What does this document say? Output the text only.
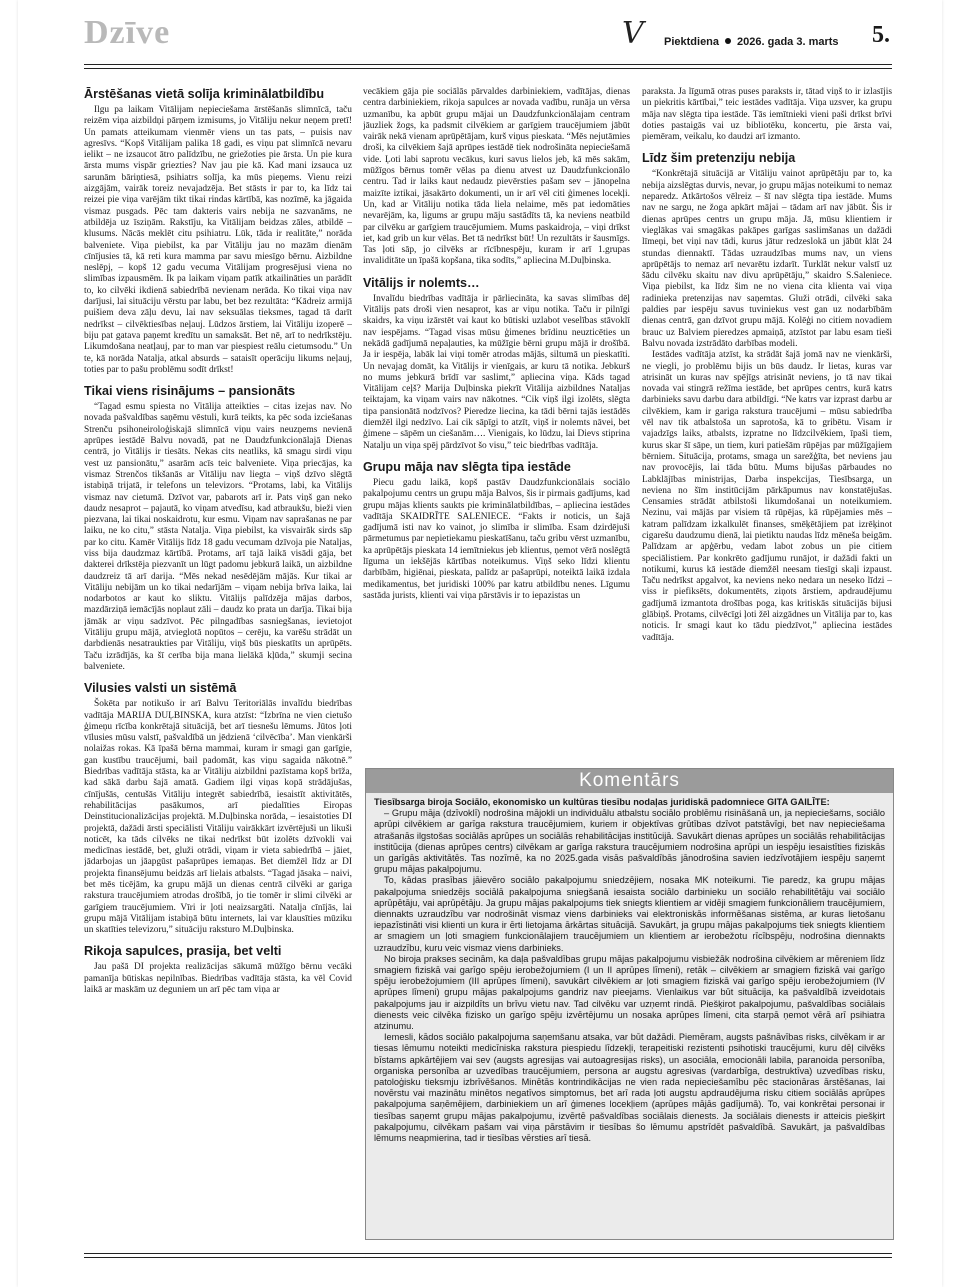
Dzīve	V Piektdiena 2026. gada 3. marts 5.
Ārstēšanas vietā solīja kriminālatbildību

Ilgu pa laikam Vitālijam nepieciešama ārstēšanās slimnīcā, taču reizēm viņa aizbildņi pārņem izmisums, jo Vitāliju nekur neņem pretī! Un pamats atteikumam vienmēr viens un tas pats, – puisis nav agresīvs. “Kopš Vitālijam palika 18 gadi, es viņu pat slimnīcā nevaru ielikt – ne izsaucot ātro palīdzību, ne griežoties pie ārsta. Un pie kura ārsta mums vispār griezties? Nav jau pie kā. Kad mani izsauca uz sarunām bāriņtiesā, psihiatrs solīja, ka mūs pieņems. Vienu reizi aizgājām, vairāk toreiz nevajadzēja. Bet stāsts ir par to, ka līdz tai reizei pie viņa varējām tikt tikai rindas kārtībā, kas nozīmē, ka jāgaida vismaz pusgads. Pēc tam dakteris vairs nebija ne sazvanāms, ne atbildēja uz īsziņām. Rakstīju, ka Vitālijam beidzas zāles, atbildē – klusums. Nācās meklēt citu psihiatru. Lūk, tāda ir realitāte,” norāda balveniete. Viņa piebilst, ka par Vitāliju jau no mazām dienām cīnījusies tā, kā reti kura mamma par savu miesīgo bērnu. Aizbildne neslēpj, – kopš 12 gadu vecuma Vitālijam progresējusi viena no slimības izpausmēm. Ik pa laikam viņam patīk atkailināties un parādīt to, ko cilvēki ikdienā sabiedrībā nevienam nerāda. Ko tikai viņa nav darījusi, lai situāciju vērstu par labu, bet bez rezultāta: “Kādreiz armijā puišiem deva zāļu devu, lai nav seksuālas tieksmes, tagad tā darīt nedrīkst – cilvēktiesības neļauj. Lūdzos ārstiem, lai Vitāliju izoperē – biju pat gatava paņemt kredītu un samaksāt. Bet nē, arī to nedrīkstēju. Likumdošana neatļauj, par to man var piespiest reālu cietumsodu.” Un te, kā norāda Natalja, atkal absurds – sataisīt operāciju likums neļauj, toties par to pašu problēmu sodīt drīkst!

Tikai viens risinājums – pansionāts

“Tagad esmu spiesta no Vitālija atteikties – citas izejas nav. No novada pašvaldības saņēmu vēstuli, kurā teikts, ka pēc soda izciešanas Strenču psihoneiroloģiskajā slimnīcā viņu vairs neuzņems nevienā aprūpes iestādē Balvu novadā, pat ne Daudzfunkcionālajā Dienas centrā, jo Vitālijs ir tiesāts. Nekas cits neatliks, kā smagu sirdi viņu vest uz pansionātu,” asarām acīs teic balveniete. Viņa priecājas, ka vismaz Strenčos tikšanās ar Vitāliju nav liegta – viņš dzīvo slēgtā istabiņā trijatā, ir telefons un televizors. “Protams, labi, ka Vitālijs vismaz nav cietumā. Dzīvot var, pabarots arī ir. Pats viņš gan neko daudz nesaprot – pajautā, ko viņam atvedīsu, kad atbraukšu, bieži vien piezvana, lai tikai noskaidrotu, kur esmu. Viņam nav saprašanas ne par laiku, ne ko citu,” stāsta Natalja. Viņa piebilst, ka visvairāk sirds sāp par ko citu. Kamēr Vitālijs līdz 18 gadu vecumam dzīvoja pie Nataljas, viss bija daudzmaz kārtībā. Protams, arī tajā laikā visādi gāja, bet dakterei drīkstēja piezvanīt un lūgt padomu jebkurā laikā, un aizbildne daudzreiz tā arī darija. “Mēs nekad nesēdējām mājās. Kur tikai ar Vitāliju nebijām un ko tikai nedarījām – viņam nebija brīva laika, lai nodarbotos ar kaut ko sliktu. Vitālijs palīdzēja mājas darbos, mazdārziņā iemācījās noplaut zāli – daudz ko prata un darīja. Tikai bija jāmāk ar viņu sadzīvot. Pēc pilngadības sasniegšanas, ievietojot Vitāliju grupu mājā, atvieglotā nopūtos – cerēju, ka varēšu strādāt un darbdienās nesatraukties par Vitāliju, viņš būs pieskatīts un aprūpēts. Taču izrādījās, ka šī cerība bija mana lielākā kļūda,” skumji secina balveniete.

Vilusies valsti un sistēmā

Šokēta par notikušo ir arī Balvu Teritoriālās invalīdu biedrības vadītāja MARIJA DUĻBINSKA, kura atzīst: “Izbrīna ne vien cietušo ģimeņu rīcība konkrētajā situācijā, bet arī tiesnešu lēmums. Jūtos ļoti vīlusies mūsu valstī, pašvaldībā un jēdzienā ‘cilvēcība’. Man vienkārši nolaižas rokas. Kā īpašā bērna mammai, kuram ir smagi gan garīgie, gan kustību traucējumi, bail padomāt, kas viņu sagaida nākotnē.” Biedrības vadītāja stāsta, ka ar Vitāliju aizbildni pazīstama kopš brīža, kad sākā darbu šajā amatā. Gadiem ilgi viņas kopā strādājušas, cīnījušās, centušās Vitāliju integrēt sabiedrībā, iesaistīt aktivitātēs, rehabilitācijas pasākumos, arī piedalīties Eiropas Deinstitucionalizācijas projektā. M.Duļbinska norāda, – iesaistoties DI projektā, dažādi ārsti speciālisti Vitāliju vairākkārt izvērtējuši un likuši noticēt, ka tāds cilvēks ne tikai nedrīkst būt izolēts dzīvokli vai medicīnas iestādē, bet, gluži otrādi, viņam ir vieta sabiedrībā – jāiet, jādarbojas un jāapgūst pašaprūpes iemaņas. Bet diemžēl līdz ar DI projekta finansējumu beidzās arī lielais atbalsts. “Tagad jāsaka – naivi, bet mēs ticējām, ka grupu mājā un dienas centrā cilvēki ar gariga rakstura traucējumiem atrodas drošībā, jo tie tomēr ir slimi cilvēki ar garīgiem traucējumiem. Vīri ir ļoti neaizsargāti. Natalja cīnījās, lai grupu mājā Vitālijam istabiņā būtu internets, lai var klausīties mūziku un skatīties televizoru,” situāciju raksturo M.Duļbinska.

Rikoja sapulces, prasija, bet velti

Jau pašā DI projekta realizācijas sākumā mūžīgo bērnu vecāki pamanīja būtiskas nepilnības. Biedrības vadītāja stāsta, ka vēl Covid laikā ar maskām uz deguniem un arī pēc tam viņa ar

vecākiem gāja pie sociālās pārvaldes darbiniekiem, vadītājas, dienas centra darbiniekiem, rikoja sapulces ar novada vadību, runāja un vērsa uzmanību, ka apbūt grupu mājai un Daudzfunkcionālajam centram jāuzliek žogs, ka padsmit cilvēkiem ar garīgiem traucējumiem jābūt vairāk nekā vienam aprūpētājam, kurš viņus pieskata. “Mēs nejutāmies droši, ka cilvēkiem šajā aprūpes iestādē tiek nodrošināta nepieciešamā vide. Ļoti labi saprotu vecākus, kuri savus lielos jeb, kā mēs sakām, mūžīgos bērnus tomēr vēlas pa dienu atvest uz Daudzfunkcionālo centru. Tad ir laiks kaut nedaudz pievērsties pašam sev – jānopelna maizīte iztikai, jāsakārto dokumenti, un ir arī vēl citi ģimenes locekļi. Un, kad ar Vitāliju notika tāda liela nelaime, mēs pat iedomāties nevarējām, ka, ligums ar grupu māju sastādīts tā, ka neviens neatbild par cilvēku ar garīgiem traucējumiem. Mums paskaidroja, – viņi drīkst iet, kad grib un kur vēlas. Bet tā nedrīkst būt! Un rezultāts ir šausmīgs. Tas ļoti sāp, jo cilvēks ar rīcībnespēju, kuram ir arī 1.grupas invaliditāte un īpašā kopšana, tika sodīts,” apliecina M.Duļbinska.

Vitālijs ir nolemts…

Invalīdu biedrības vadītāja ir pārliecināta, ka savas slimības dēļ Vitālijs pats droši vien nesaprot, kas ar viņu notika. Taču ir pilnīgi skaidrs, ka viņu izārstēt vai kaut ko būtiski uzlabot veselības stāvoklī nav iespējams. “Tagad visas mūsu ģimenes brīdinu neuzticēties un nekādā gadījumā nepaļauties, ka mūžīgie bērni grupu mājā ir drošībā. Ja ir iespēja, labāk lai viņi tomēr atrodas mājās, siltumā un pieskatīti. Un nevajag domāt, ka Vitālijs ir vienīgais, ar kuru tā notika. Jebkurš no mums jebkurā brīdī var saslimt,” apliecina viņa. Kāds tagad Vitālijam ceļš? Marija Duļbinska piekrīt Vitālija aizbildnes Nataljas teiktajam, ka viņam vairs nav nākotnes. “Cik viņš ilgi izolēts, slēgta tipa pansionātā nodzīvos? Pieredze liecina, ka tādi bērni tajās iestādēs diemžēl ilgi nedzīvo. Lai cik sāpīgi to atzīt, viņš ir nolemts nāvei, bet ģimene – sāpēm un ciešanām…. Vienigais, ko lūdzu, lai Dievs stiprina Natalju un viņa spēj pārdzīvot šo visu,” teic biedrības vadītāja.

Grupu māja nav slēgta tipa iestāde

Piecu gadu laikā, kopš pastāv Daudzfunkcionālais sociālo pakalpojumu centrs un grupu māja Balvos, šis ir pirmais gadījums, kad grupu mājas klients saukts pie kriminālatbildības, – apliecina iestādes vadītāja SKAIDRĪTE SALENIECE. “Fakts ir noticis, un šajā gadījumā isti nav ko vainot, jo slimība ir slimība. Esam dzirdējuši pārmetumus par nepietiekamu pieskatīšanu, taču gribu vērst uzmanību, ka aprūpētājs pieskata 14 iemītniekus jeb klientus, ņemot vērā noslēgtā līguma un iekšējās kārtības noteikumus. Viņš seko līdzi klientu darbībām, higiēnai, pieskata, palīdz ar pašaprūpi, noteiktā laikā izdala medikamentus, bet juridiski 100% par katru atbildību nenes. Līgumu sastāda jurists, klienti vai viņa pārstāvis ir to iepazistas un

paraksta. Ja līgumā otras puses paraksts ir, tātad viņš to ir izlasījis un piekritis kārtībai,” teic iestādes vadītāja. Viņa uzsver, ka grupu māja nav slēgta tipa iestāde. Tās iemītnieki vieni paši drīkst brīvi doties pastaigās vai uz bibliotēku, koncertu, pie ārsta vai, piemēram, veikalu, ko daudzi arī izmanto.

Līdz šim pretenziju nebija

“Konkrētajā situācijā ar Vitāliju vainot aprūpētāju par to, ka nebija aizslēgtas durvis, nevar, jo grupu mājas noteikumi to nemaz neparedz. Atkārtošos vēlreiz – šī nav slēgta tipa iestāde. Mums nav ne sargu, ne žoga apkārt mājai – tādam arī nav jābūt. Šis ir dienas aprūpes centrs un grupu māja. Jā, mūsu klientiem ir vieglākas vai smagākas pakāpes garīgas saslimšanas un dažādi līmeņi, bet viņi nav tādi, kurus jātur redzeslokā un jābūt klāt 24 stundas diennaktī. Tādas uzraudzības mums nav, un viens aprūpētājs to nemaz arī nevarētu izdarīt. Turklāt nekur valstī uz šādu cilvēku skaitu nav divu aprūpētāju,” skaidro S.Saleniece. Viņa piebilst, ka līdz šim ne no viena cita klienta vai viņa radinieka pretenzijas nav saņemtas. Gluži otrādi, cilvēki saka paldies par iespēju savus tuviniekus vest gan uz nodarbībām dienas centrā, gan dzīvot grupu mājā. Kolēģi no citiem novadiem brauc uz Balviem pieredzes apmaiņā, atzīstot par labu esam tieši Balvu novada izstrādāto darbības modeli.

Iestādes vadītāja atzīst, ka strādāt šajā jomā nav ne vienkārši, ne viegli, jo problēmu bijis un būs daudz. Ir lietas, kuras var atrisināt un kuras nav spējīgs atrisināt neviens, jo tā nav tikai novada vai stingrā režīma iestāde, bet aprūpes centrs, kurā katrs darbinieks savu darbu dara atbildīgi. “Ne katrs var izprast darbu ar cilvēkiem, kam ir gariga rakstura traucējumi – mūsu sabiedrība vēl nav tik atbalstoša un saprotoša, kā to gribētu. Visam ir vajadzīgs laiks, atbalsts, izpratne no līdzcilvēkiem, īpaši tiem, kurus skar šī sāpe, un tiem, kuri patiešām rūpējas par mūžīgajiem bērniem. Situācija, protams, smaga un sarežģīta, bet neviens jau nav provocējis, lai tāda būtu. Mums bijušas pārbaudes no Labklājības ministrijas, Darba inspekcijas, Tiesībsarga, un neviena no šīm institūcijām pārkāpumus nav konstatējušas. Censamies strādāt atbilstoši likumdošanai un noteikumiem. Nezinu, vai mājās par visiem tā rūpējas, kā rūpējamies mēs – katram palīdzam izkalkulēt finanses, smēķētājiem pat izrēķinot cigarešu daudzumu dienā, lai pietiktu naudas līdz mēneša beigām. Palīdzam ar apģērbu, vedam labot zobus un pie citiem speciālistiem. Par konkrēto gadījumu runājot, ir dažādi fakti un notikumi, kurus kā iestāde diemžēl neesam tiesīgi skaļi izpaust. Taču nedrīkst apgalvot, ka neviens neko nedara un neseko līdzi – viss ir piefiksēts, dokumentēts, ziņots ārstiem, apdraudējumu gadījumā izmantota drošības poga, kas kritiskās situācijās bijusi glābiņš. Protams, cilvēcīgi ļoti žēl aizgādnes un Vitālija par to, kas noticis. Ir smagi kaut ko tādu piedzīvot,” apliecina iestādes vadītāja.

Komentārs

Tiesībsarga biroja Sociālo, ekonomisko un kultūras tiesību nodaļas juridiskā padomniece GITA GAILĪTE:

– Grupu māja (dzīvoklī) nodrošina mājokli un individuālu atbalstu sociālo problēmu risināšanā un, ja nepieciešams, sociālo aprūpi cilvēkiem ar garīga rakstura traucējumiem, kuriem ir objektīvas grūtības dzīvot patstāvīgi, bet nav nepieciešama atrašanās ilgstošas sociālās aprūpes un sociālās rehabilitācijas institūcijā. Savukārt dienas aprūpes un sociālās rehabilitācijas institūcija (dienas aprūpes centrs) cilvēkam ar garīga rakstura traucējumiem nodrošina aprūpi un iespēju iesaistīties fiziskās un garīgās aktivitātēs. Tas nozīmē, ka no 2025.gada visās pašvaldībās jānodrošina savien iedzīvotājiem iespēju saņemt grupu mājas pakalpojumu.

To, kādas prasības jāievēro sociālo pakalpojumu sniedzējiem, nosaka MK noteikumi. Tie paredz, ka grupu mājas pakalpojuma sniedzējs sociālā pakalpojuma sniegšanā iesaista sociālo darbinieku un sociālo rehabilitētāju vai sociālo aprūpētāju, vai aprūpētāju. Ja grupu mājas pakalpojums tiek sniegts klientiem ar vidēji smagiem funkcionāliem traucējumiem, diennakts uzraudzību var nodrošināt vismaz viens darbinieks vai elektroniskās informēšanas sistēma, ar kuras lietošanu iepazīstināti visi klienti un kura ir ērti lietojama ārkārtas situācijā. Savukārt, ja grupu mājas pakalpojums tiek sniegts klientiem ar smagiem un ļoti smagiem funkcionālajiem traucējumiem un klientiem ar ierobežotu rīcībspēju, nodrošina diennakts uzraudzību, kuru veic vismaz viens darbinieks.

No biroja prakses secinām, ka daļa pašvaldības grupu mājas pakalpojumu visbiežāk nodrošina cilvēkiem ar mēreniem līdz smagiem fiziskā vai garīgo spēju ierobežojumiem (I un II aprūpes līmeni), retāk – cilvēkiem ar smagiem fiziskā vai garīgo spēju ierobežojumiem (III aprūpes līmeni), savukārt cilvēkiem ar ļoti smagiem fiziskā vai garīgo spēju ierobežojumiem (IV aprūpes līmeni) grupu mājas pakalpojums gandriz nav pieejams. Vienlaikus var būt situācija, ka pašvaldībā izveidotais pakalpojums jau ir aizpildīts un brīvu vietu nav. Tad cilvēku var uzņemt rindā. Piešķirot pakalpojumu, pašvaldības sociālais dienests veic cilvēka fizisko un garīgo spēju izvērtējumu un nosaka aprūpes līmeni, cita starpā ņemot vērā arī psihiatra atzinumu.

Iemesli, kādos sociālo pakalpojuma saņemšanu atsaka, var būt dažādi. Piemēram, augsts pašnāvības risks, cilvēkam ir ar tiesas lēmumu noteikti medicīniska rakstura piespiedu līdzekļi, terapeitiski rezistenti psihotiski traucējumi, kuru dēļ cilvēks bīstams apkārtējiem vai sev (augsts agresijas vai autoagresijas risks), un asociāla, emocionāli labila, paranoida personība, organiska personība ar uzvedības traucējumiem, persona ar augstu agresivas (vardarbīga, destruktīva) uzvedības risku, patoloģisku tieksmju izbrīvēšanos. Minētās kontrindikācijas ne vien rada nepieciešamību pēc stacionāras ārstēšanas, lai novērstu vai mazinātu minētos negatīvos simptomus, bet arī rada ļoti augstu apdraudējuma risku citiem sociālās aprūpes pakalpojuma saņēmējiem, darbiniekiem un arī ģimenes locekļiem (aprūpes mājās gadījumā). To, vai konkrētai personai ir tiesības saņemt grupu mājas pakalpojumu, izvērtē pašvaldības sociālais dienests. Ja sociālais dienests ir atteicis piešķirt pakalpojumu, cilvēkam pašam vai viņa pārstāvim ir tiesības šo lēmumu apstrīdēt pašvaldībā. Savukārt, ja pašvaldības lēmums neapmierina, tad ir tiesības vērsties arī tiesā.
